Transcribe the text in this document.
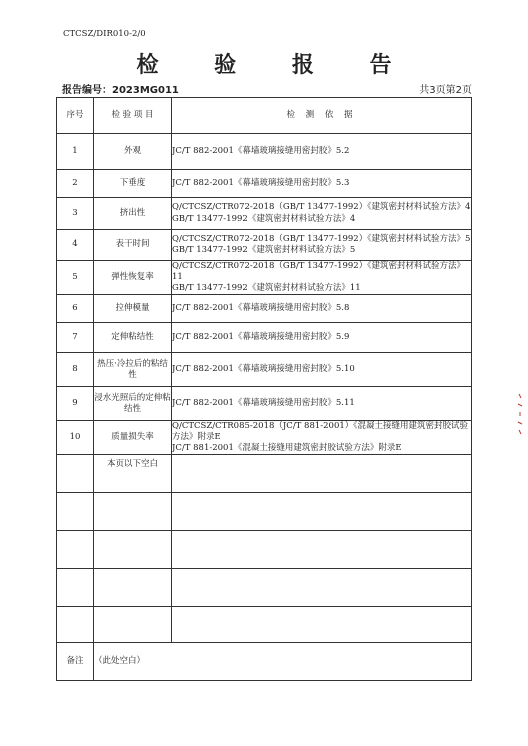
CTCSZ/DIR010-2/0
检 验 报 告
报告编号：2023MG011	共3页第2页
序号	检 验 项 目	检 测 依 据
1	外观	JC/T 882-2001《幕墙玻璃接缝用密封胶》5.2

2	下垂度	JC/T 882-2001《幕墙玻璃接缝用密封胶》5.3

3	挤出性	Q/CTCSZ/CTR072-2018（GB/T 13477-1992）《建筑密封材料试验方法》4
GB/T 13477-1992《建筑密封材料试验方法》4

4	表干时间	Q/CTCSZ/CTR072-2018（GB/T 13477-1992）《建筑密封材料试验方法》5
GB/T 13477-1992《建筑密封材料试验方法》5

5	弹性恢复率	Q/CTCSZ/CTR072-2018（GB/T 13477-1992）《建筑密封材料试验方法》
11
GB/T 13477-1992《建筑密封材料试验方法》11

6	拉伸模量	JC/T 882-2001《幕墙玻璃接缝用密封胶》5.8

7	定伸粘结性	JC/T 882-2001《幕墙玻璃接缝用密封胶》5.9

8	热压·冷拉后的粘结性	JC/T 882-2001《幕墙玻璃接缝用密封胶》5.10

9	浸水光照后的定伸粘结性	JC/T 882-2001《幕墙玻璃接缝用密封胶》5.11

10	质量损失率	Q/CTCSZ/CTR085-2018（JC/T 881-2001）《混凝土接缝用建筑密封胶试验方法》附录E
JC/T 881-2001《混凝土接缝用建筑密封胶试验方法》附录E

	本页以下空白	

备注	（此处空白）	
